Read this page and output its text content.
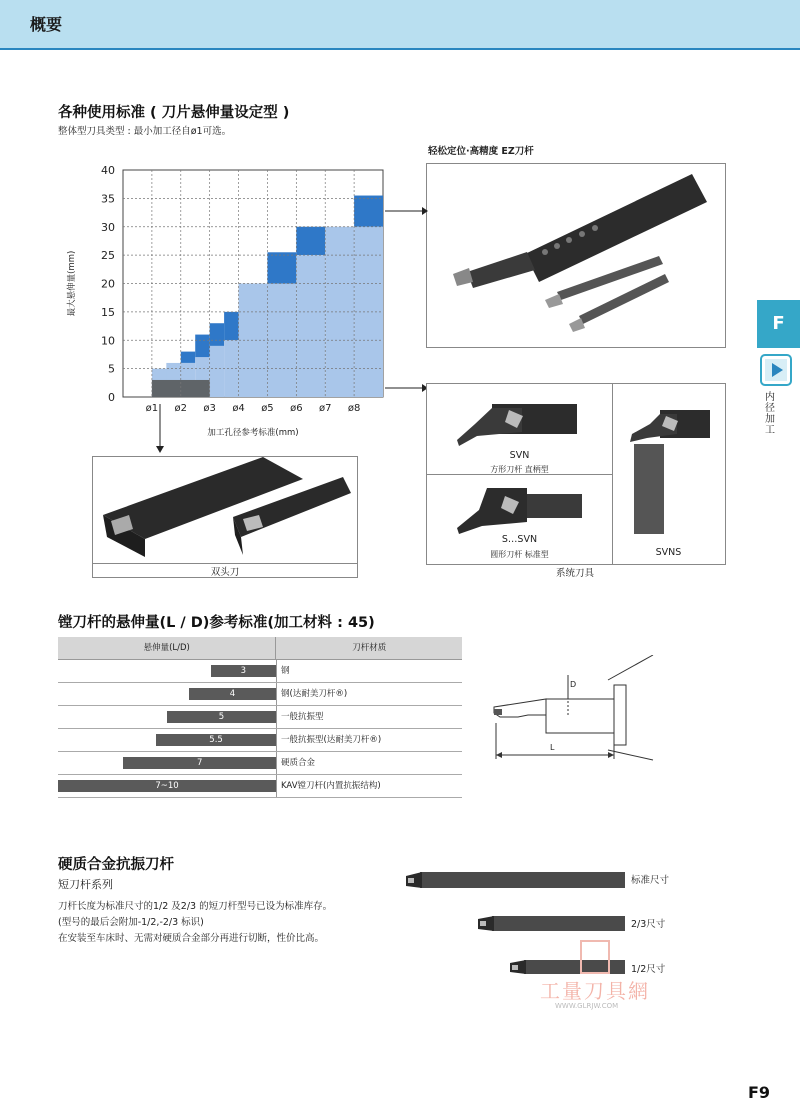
概要
F
内径加工
各种使用标准 ( 刀片悬伸量设定型 )
整体型刀具类型 : 最小加工径自ø1可选。
轻松定位·高精度 EZ刀杆
0
5
10
15
20
25
30
35
40
ø1 ø2 ø3 ø4 ø5 ø6 ø7 ø8
加工孔径参考标准(mm)
最大悬伸量(mm)
SVN
方形刀杆 直柄型
S…SVN
圆形刀杆 标准型	SVNS
系统刀具
双头刀
镗刀杆的悬伸量(L / D)参考标准(加工材料 : 45)
悬伸量(L/D)	刀杆材质
3	钢
4	钢(达耐美刀杆®)
5	一般抗振型
5.5	一般抗振型(达耐美刀杆®)
7	硬质合金
7~10	KAV镗刀杆(内置抗振结构)
D
L
硬质合金抗振刀杆
短刀杆系列
刀杆长度为标准尺寸的1/2 及2/3 的短刀杆型号已设为标准库存。
(型号的最后会附加-1/2,-2/3 标识)
在安装至车床时、无需对硬质合金部分再进行切断，性价比高。
标准尺寸
2/3尺寸
1/2尺寸
工量刀具網
WWW.GLRJW.COM
F9
